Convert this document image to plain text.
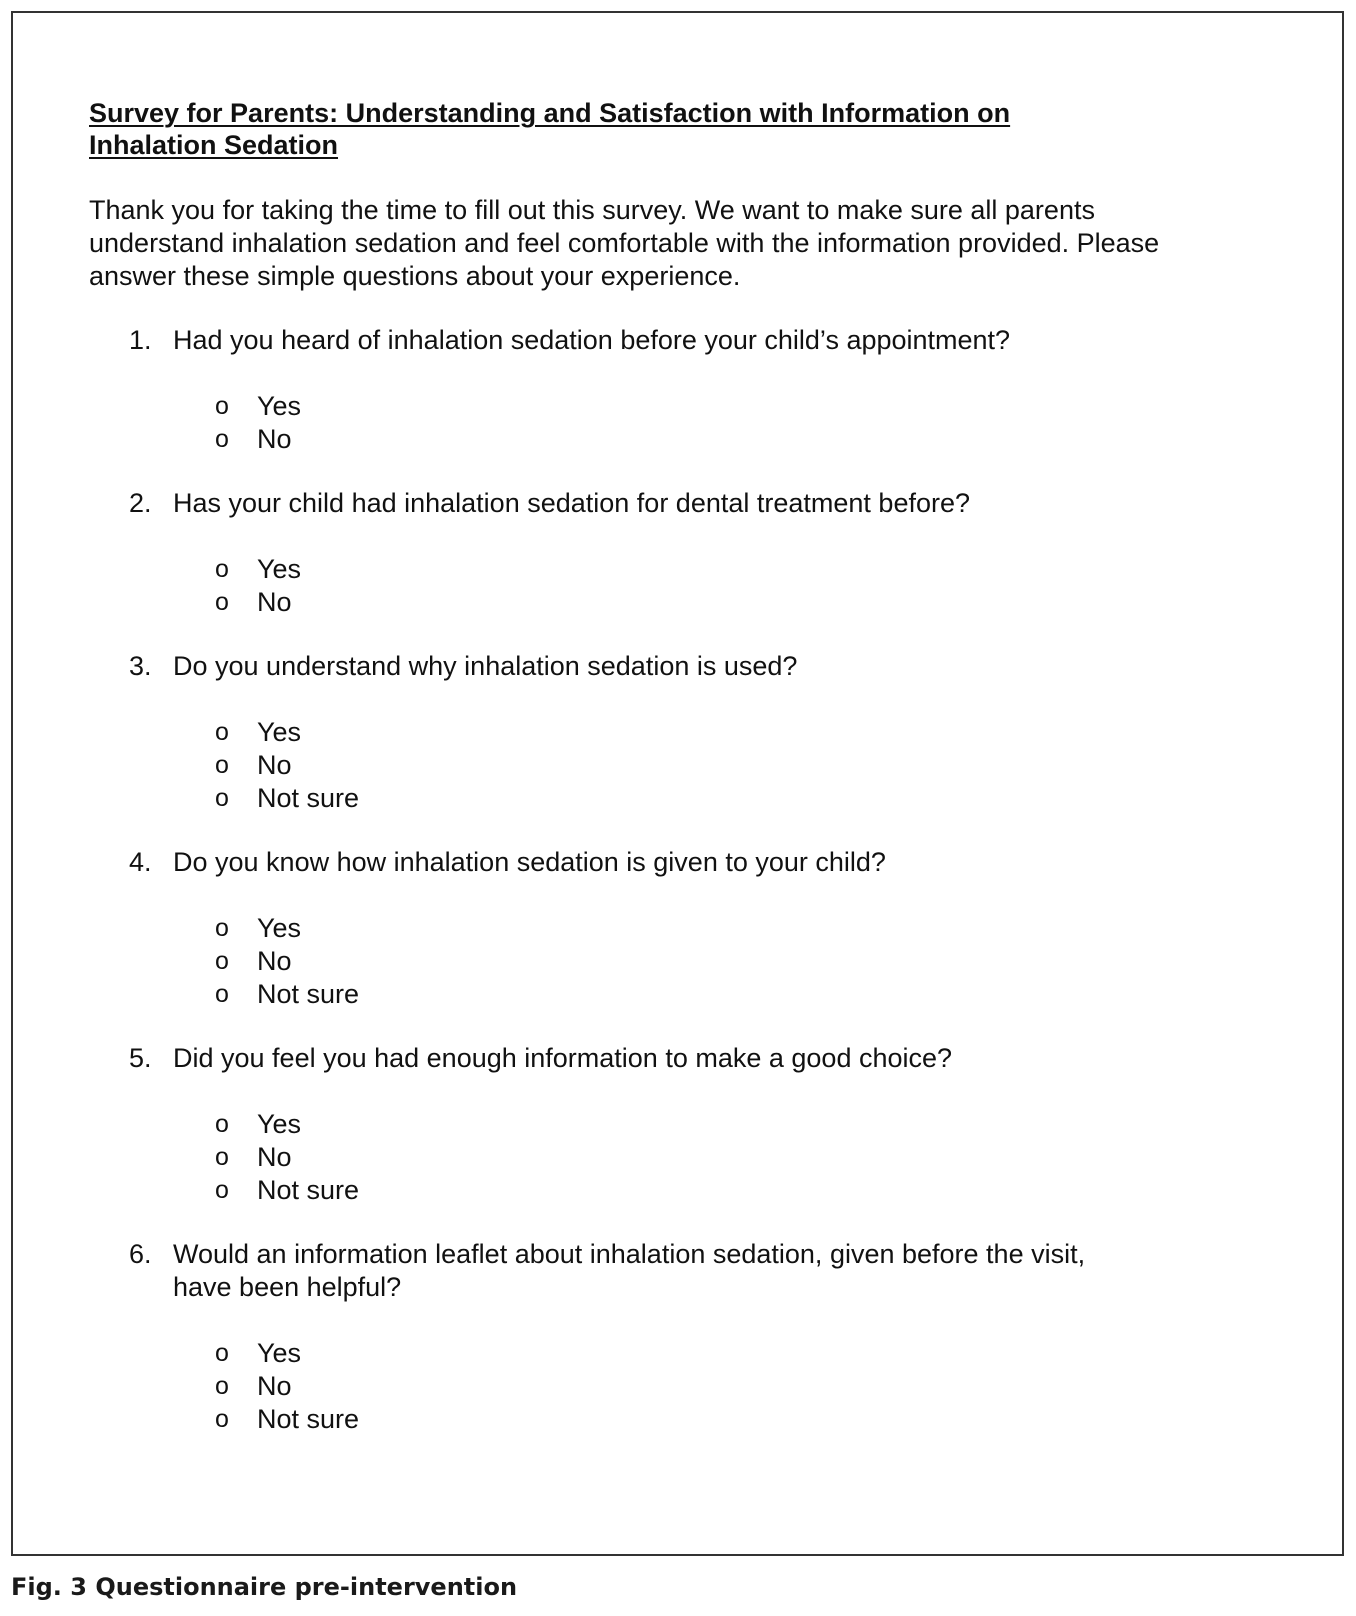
Survey for Parents: Understanding and Satisfaction with Information on Inhalation Sedation

Thank you for taking the time to fill out this survey. We want to make sure all parents understand inhalation sedation and feel comfortable with the information provided. Please answer these simple questions about your experience.

1. Had you heard of inhalation sedation before your child’s appointment?
o Yes
o No
2. Has your child had inhalation sedation for dental treatment before?
o Yes
o No
3. Do you understand why inhalation sedation is used?
o Yes
o No
o Not sure
4. Do you know how inhalation sedation is given to your child?
o Yes
o No
o Not sure
5. Did you feel you had enough information to make a good choice?
o Yes
o No
o Not sure
6. Would an information leaflet about inhalation sedation, given before the visit, have been helpful?
o Yes
o No
o Not sure
Fig. 3 Questionnaire pre-intervention
